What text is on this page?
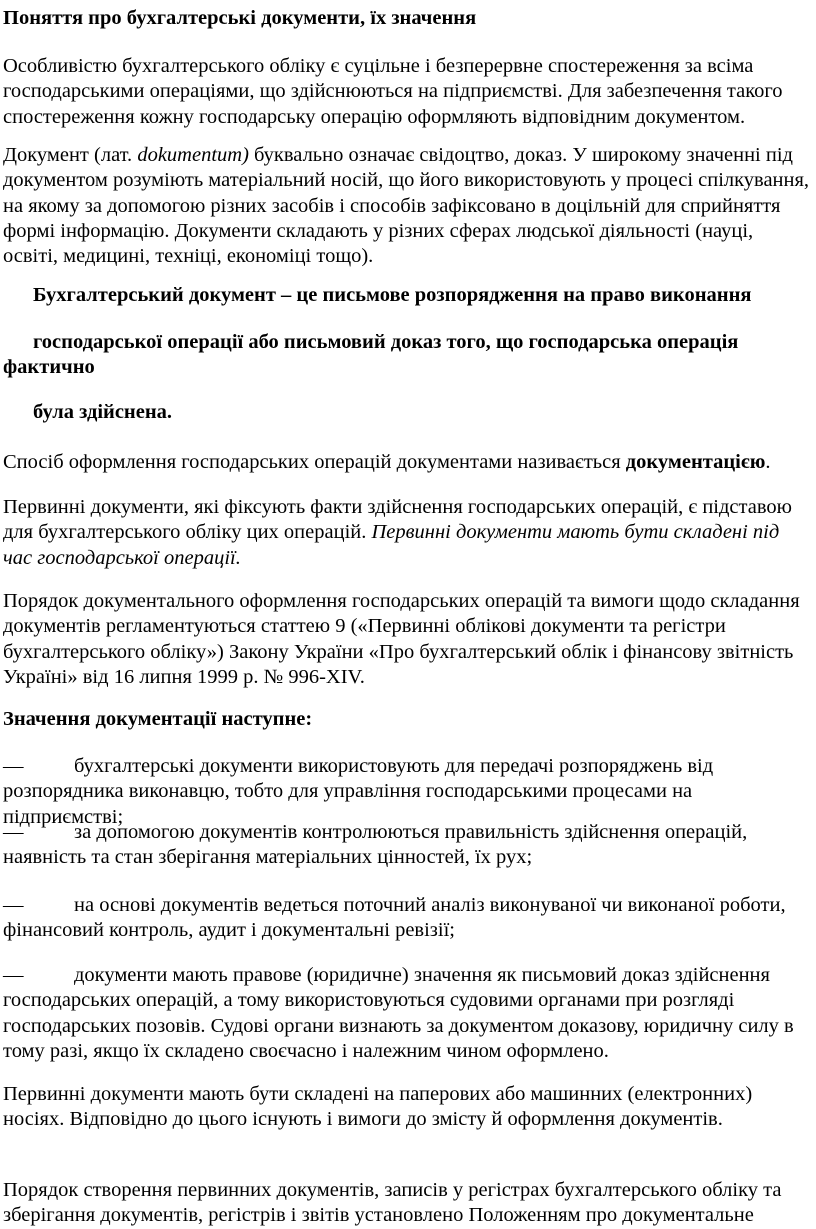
Поняття про бухгалтерські документи, їх значення

Особливістю бухгалтерського обліку є суцільне і безперервне спостереження за всіма господарськими операціями, що здійснюються на підприємстві. Для забезпечення такого спостереження кожну господарську операцію оформляють відповідним документом.

Документ (лат. dokumentum) буквально означає свідоцтво, доказ. У широкому значенні під документом розуміють матеріальний носій, що його використовують у процесі спілкування, на якому за допомогою різних засобів і способів зафіксовано в доцільній для сприйняття формі інформацію. Документи складають у різних сферах людської діяльності (науці, освіті, медицині, техніці, економіці тощо).

Бухгалтерський документ – це письмове розпорядження на право виконання

господарської операції або письмовий доказ того, що господарська операція
фактично

була здійснена.

Спосіб оформлення господарських операцій документами називається документацією.

Первинні документи, які фіксують факти здійснення господарських операцій, є підставою для бухгалтерського обліку цих операцій. Первинні документи мають бути складені під час господарської операції.

Порядок документального оформлення господарських операцій та вимоги щодо складання документів регламентуються статтею 9 («Первинні облікові документи та регістри бухгалтерського обліку») Закону України «Про бухгалтерський облік і фінансову звітність Україні» від 16 липня 1999 р. № 996-XIV.

Значення документації наступне:

— бухгалтерські документи використовують для передачі розпоряджень від
розпорядника виконавцю, тобто для управління господарськими процесами на підприємстві;
— за допомогою документів контролюються правильність здійснення операцій,
наявність та стан зберігання матеріальних цінностей, їх рух;
— на основі документів ведеться поточний аналіз виконуваної чи виконаної роботи,
фінансовий контроль, аудит і документальні ревізії;
— документи мають правове (юридичне) значення як письмовий доказ здійснення
господарських операцій, а тому використовуються судовими органами при розгляді господарських позовів. Судові органи визнають за документом доказову, юридичну силу в тому разі, якщо їх складено своєчасно і належним чином оформлено.

Первинні документи мають бути складені на паперових або машинних (електронних) носіях. Відповідно до цього існують і вимоги до змісту й оформлення документів.

Порядок створення первинних документів, записів у регістрах бухгалтерського обліку та зберігання документів, регістрів і звітів установлено Положенням про документальне
